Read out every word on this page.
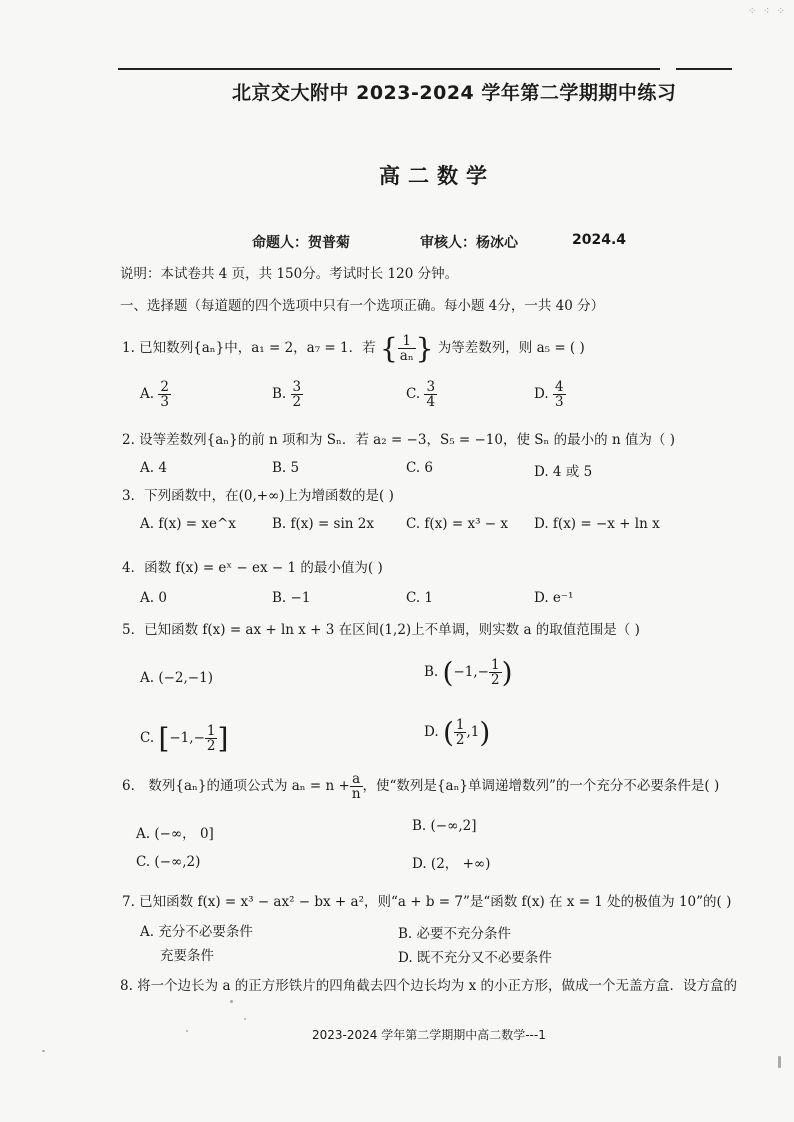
⁘ ⁖ ⁘
北京交大附中 2023-2024 学年第二学期期中练习
高二数学
命题人：贺普菊	审核人：杨冰心	2024.4
说明：本试卷共 4 页，共 150分。考试时长 120 分钟。
一、选择题（每道题的四个选项中只有一个选项正确。每小题 4分，一共 40 分）
1. 已知数列{aₙ}中，a₁ = 2，a₇ = 1．若 { $\frac{1}{\text{aₙ}}$ } 为等差数列，则 a₅ = ( )
A. $\frac{2}{3}$	B. $\frac{3}{2}$	C. $\frac{3}{4}$	D. $\frac{4}{3}$
2. 设等差数列{aₙ}的前 n 项和为 Sₙ．若 a₂ = −3，S₅ = −10，使 Sₙ 的最小的 n 值为（ )
A. 4	B. 5	C. 6	D. 4 或 5
3．下列函数中，在(0,+∞)上为增函数的是( )
A. f(x) = xe^x	B. f(x) = sin 2x C. f(x) = x³ − x D. f(x) = −x + ln x
4．函数 f(x) = eˣ − ex − 1 的最小值为( )
A. 0	B. −1	C. 1	D. e⁻¹
5．已知函数 f(x) = ax + ln x + 3 在区间(1,2)上不单调，则实数 a 的取值范围是（ )
A. (−2,−1)	B. ($-1,- \frac{1}{2}$ )
C. [$-1,- \frac{1}{2}$ ]	D. ( $\frac{1}{2} ,1$)
6． 数列{aₙ}的通项公式为 $a_n = n + \frac{a}{n}$ ，使“数列是{aₙ}单调递增数列”的一个充分不必要条件是( )
A. (−∞， 0]	B. (−∞,2]
C. (−∞,2)	D. (2， +∞)
7. 已知函数 f(x) = x³ − ax² − bx + a²，则“a + b = 7”是“函数 f(x) 在 x = 1 处的极值为 10”的( )
A. 充分不必要条件	B. 必要不充分条件
充要条件	D. 既不充分又不必要条件
8. 将一个边长为 a 的正方形铁片的四角截去四个边长均为 x 的小正方形，做成一个无盖方盒．设方盒的
2023-2024 学年第二学期期中高二数学---1
